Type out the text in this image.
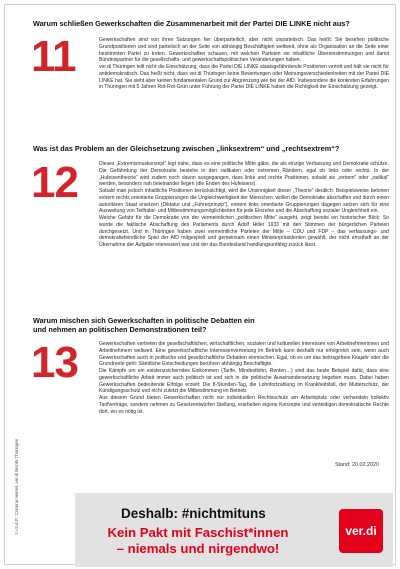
Warum schließen Gewerkschaften die Zusammenarbeit mit der Partei DIE LINKE nicht aus?
11	Gewerkschaften sind von ihren Satzungen her überparteilich, aber nicht unparteiisch. Das heißt: Sie besehen politische Grundpositionen und sind parteiisch an der Seite von abhängig Beschäftigten weltweit, ohne als Organisation an die Seite einer bestimmten Partei zu treten. Gewerkschaften schauen, mit welchen Parteien sie inhaltliche Übereinstimmungen und damit Bündnispartner für die gesellschafts- und gewerkschaftspolitischen Veränderungen haben.

ver.di Thüringen teilt nicht die Einschätzung, dass die Partei DIE LINKE staatsgefährdende Positionen vertritt und hält sie nicht für antidemokratisch. Das heißt nicht, dass ver.di Thüringen keine Bewertungen oder Meinungsverschiedenheiten mit der Partei DIE LINKE hat. Sie sieht aber keinen fundamentalen Grund zur Abgrenzung wie bei der AfD. Insbesondere die konkreten Erfahrungen in Thüringen mit 5 Jahren Rot-Rot-Grün unter Führung der Partei DIE LINKE haben die Richtigkeit der Einschätzung gezeigt.

Was ist das Problem an der Gleichsetzung zwischen „linksextrem“ und „rechtsextrem“?
12	Dieses „Extremismuskonzept“ legt nahe, dass es eine politische Mitte gäbe, die als einzige Verfassung und Demokratie schütze. Die Gefährdung der Demokratie bestehe in den radikalen oder extremen Rändern, egal ob links oder rechts. In der „Hufeisentheorie“ wird zudem noch davon ausgegangen, dass linke und rechte Positionen, sobald sie „extrem“ oder „radikal“ werden, besonders nah beieinander liegen (die Enden des Hufeisens).

Sobald man jedoch inhaltliche Positionen berücksichtigt, wird die Unsinnigkeit dieser „Theorie“ deutlich: Beispielsweise betonen extrem rechts orientierte Gruppierungen die Ungleichwertigkeit der Menschen, wollen die Demokratie abschaffen und durch einen autoritären Staat ersetzen (Diktatur und „Führerprinzip“), extrem links orientierte Gruppierungen dagegen setzen sich für eine Ausweitung von Teilhabe- und Mitbestimmungsmöglichkeiten für jede Einzelne und die Abschaffung sozialer Ungleichheit ein.

Welche Gefahr für die Demokratie von der vermeintlichen „politischen Mitte“ ausgeht, zeigt bereits ein historischer Blick: So wurde die faktische Abschaffung des Parlaments durch Adolf Hitler 1933 mit den Stimmen der bürgerlichen Parteien durchgesetzt. Und in Thüringen haben zwei vermeintliche Parteien der Mitte – CDU und FDP – das verfassungs- und demokratiefeindliche Spiel der AfD mitgespielt und gemeinsam einen Ministerpräsidenten gewählt, der nicht ernsthaft an der Übernahme der Aufgabe interessiert war und der das Bundesland handlungsunfähig zurück lässt.

Warum mischen sich Gewerkschaften in politische Debatten ein und nehmen an politischen Demonstrationen teil?
13	Gewerkschaften vertreten die gesellschaftlichen, wirtschaftlichen, sozialen und kulturellen Interessen von Arbeitnehmerinnen und Arbeitnehmern weltweit. Eine gewerkschaftliche Interessenvertretung im Betrieb kann deshalb nur erfolgreich sein, wenn auch Gewerkschaften auch in politische und gesellschaftliche Debatten einmischen. Egal, ob es um das beitragsfreie Kitajahr oder die Grundrente geht: Sämtliche Entscheidungen berühren abhängig Beschäftigte.

Die Kämpfe um ein existenzsicherndes Einkommen (Tarife, Mindestlohn, Renten…) sind das beste Beispiel dafür, dass eine gewerkschaftliche Arbeit immer auch politisch ist und sich in die politische Auseinandersetzung begeben muss. Dabei haben Gewerkschaften bedeutende Erfolge erzielt: Die 8-Stunden-Tag, die Lohnfortzahlung im Krankheitsfall, der Mutterschutz, der Kündigungsschutz und nicht zuletzt die Mitbestimmung im Betrieb.

Aus diesem Grund bieten Gewerkschaften nicht nur individuellen Rechtsschutz am Arbeitsplatz oder verhandeln kollektiv Tarifverträge, sondern nehmen zu Gesetzentwürfen Stellung, erarbeiten eigene Konzepte und verteidigen demokratische Rechte dort, wo es nötig ist.

Stand: 20.02.2020
V.i.S.d.P.: Corinna Hersel, ver.di Bezirk Thüringen	Deshalb: #nichtmituns
Kein Pakt mit Faschist*innen
– niemals und nirgendwo!
ver.di
